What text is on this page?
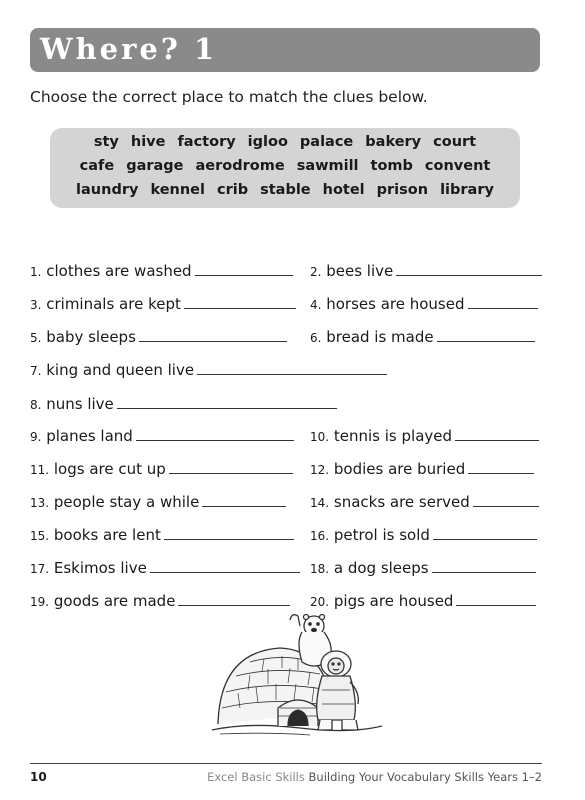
Where? 1
Choose the correct place to match the clues below.
sty hive factory igloo palace bakery court
cafe garage aerodrome sawmill tomb convent
laundry kennel crib stable hotel prison library
1. clothes are washed	2. bees live
3. criminals are kept	4. horses are housed
5. baby sleeps	6. bread is made
7. king and queen live
8. nuns live
9. planes land	10. tennis is played
11. logs are cut up	12. bodies are buried
13. people stay a while	14. snacks are served
15. books are lent	16. petrol is sold
17. Eskimos live	18. a dog sleeps
19. goods are made	20. pigs are housed
10	Excel Basic Skills Building Your Vocabulary Skills Years 1–2
